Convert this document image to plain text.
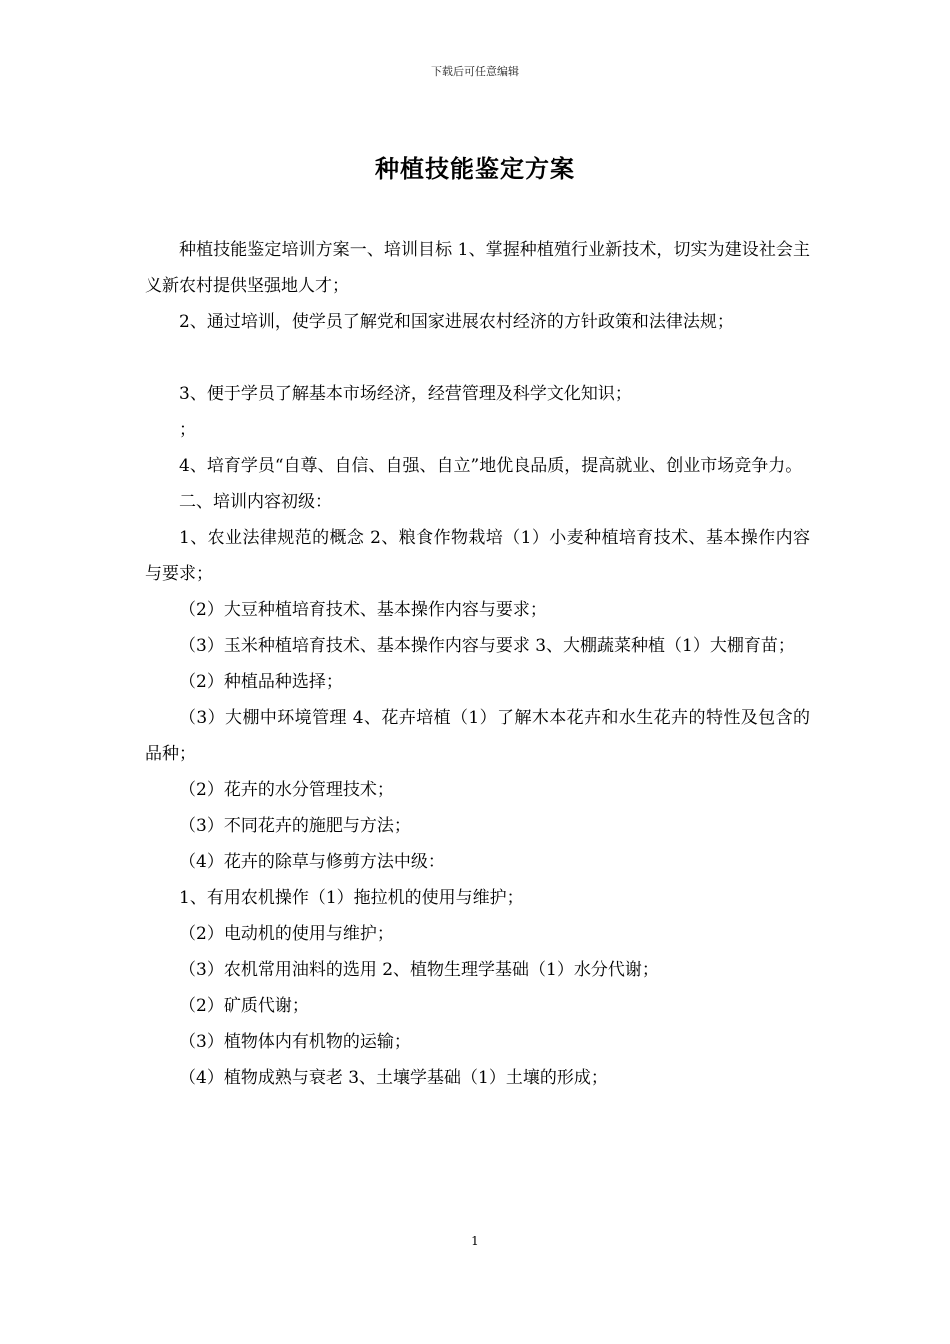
下载后可任意编辑
种植技能鉴定方案

种植技能鉴定培训方案一、培训目标 1、掌握种植殖行业新技术，切实为建设社会主义新农村提供坚强地人才；

2、通过培训，使学员了解党和国家进展农村经济的方针政策和法律法规；

3、便于学员了解基本市场经济，经营管理及科学文化知识；

；

4、培育学员“自尊、自信、自强、自立”地优良品质，提高就业、创业市场竞争力。

二、培训内容初级：

1、农业法律规范的概念 2、粮食作物栽培（1）小麦种植培育技术、基本操作内容与要求；

（2）大豆种植培育技术、基本操作内容与要求；

（3）玉米种植培育技术、基本操作内容与要求 3、大棚蔬菜种植（1）大棚育苗；

（2）种植品种选择；

（3）大棚中环境管理 4、花卉培植（1）了解木本花卉和水生花卉的特性及包含的品种；

（2）花卉的水分管理技术；

（3）不同花卉的施肥与方法；

（4）花卉的除草与修剪方法中级：

1、有用农机操作（1）拖拉机的使用与维护；

（2）电动机的使用与维护；

（3）农机常用油料的选用 2、植物生理学基础（1）水分代谢；

（2）矿质代谢；

（3）植物体内有机物的运输；

（4）植物成熟与衰老 3、土壤学基础（1）土壤的形成；

1
